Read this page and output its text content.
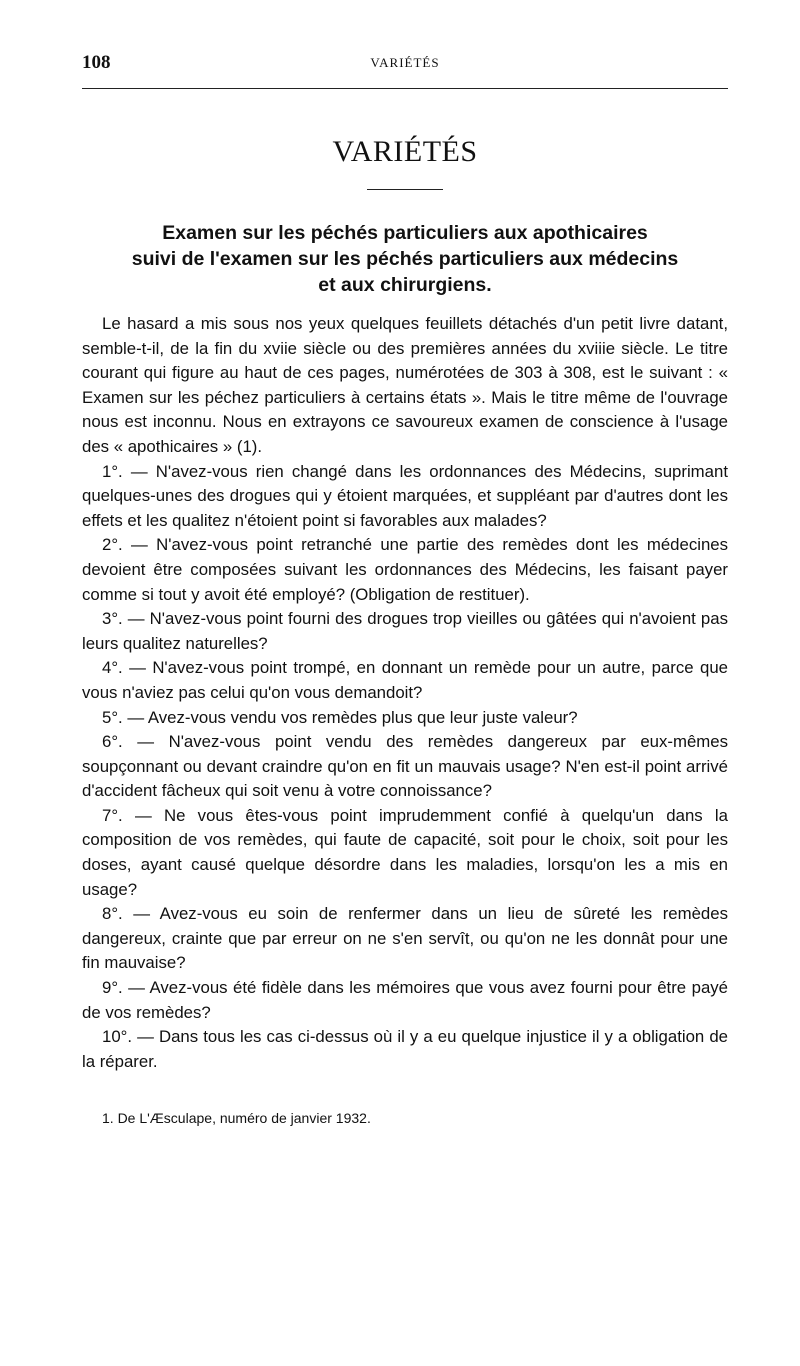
108	VARIÉTÉS
VARIÉTÉS
Examen sur les péchés particuliers aux apothicaires
suivi de l'examen sur les péchés particuliers aux médecins
et aux chirurgiens.

Le hasard a mis sous nos yeux quelques feuillets détachés d'un petit livre datant, semble-t-il, de la fin du xviie siècle ou des premières années du xviiie siècle. Le titre courant qui figure au haut de ces pages, numérotées de 303 à 308, est le suivant : « Examen sur les péchez particuliers à certains états ». Mais le titre même de l'ouvrage nous est inconnu. Nous en extrayons ce savoureux examen de conscience à l'usage des « apothicaires » (1).

1°. — N'avez-vous rien changé dans les ordonnances des Médecins, suprimant quelques-unes des drogues qui y étoient marquées, et suppléant par d'autres dont les effets et les qualitez n'étoient point si favorables aux malades?

2°. — N'avez-vous point retranché une partie des remèdes dont les médecines devoient être composées suivant les ordonnances des Médecins, les faisant payer comme si tout y avoit été employé? (Obligation de restituer).

3°. — N'avez-vous point fourni des drogues trop vieilles ou gâtées qui n'avoient pas leurs qualitez naturelles?

4°. — N'avez-vous point trompé, en donnant un remède pour un autre, parce que vous n'aviez pas celui qu'on vous demandoit?

5°. — Avez-vous vendu vos remèdes plus que leur juste valeur?

6°. — N'avez-vous point vendu des remèdes dangereux par eux-mêmes soupçonnant ou devant craindre qu'on en fit un mauvais usage? N'en est-il point arrivé d'accident fâcheux qui soit venu à votre connoissance?

7°. — Ne vous êtes-vous point imprudemment confié à quelqu'un dans la composition de vos remèdes, qui faute de capacité, soit pour le choix, soit pour les doses, ayant causé quelque désordre dans les maladies, lorsqu'on les a mis en usage?

8°. — Avez-vous eu soin de renfermer dans un lieu de sûreté les remèdes dangereux, crainte que par erreur on ne s'en servît, ou qu'on ne les donnât pour une fin mauvaise?

9°. — Avez-vous été fidèle dans les mémoires que vous avez fourni pour être payé de vos remèdes?

10°. — Dans tous les cas ci-dessus où il y a eu quelque injustice il y a obligation de la réparer.

1. De L'Æsculape, numéro de janvier 1932.
